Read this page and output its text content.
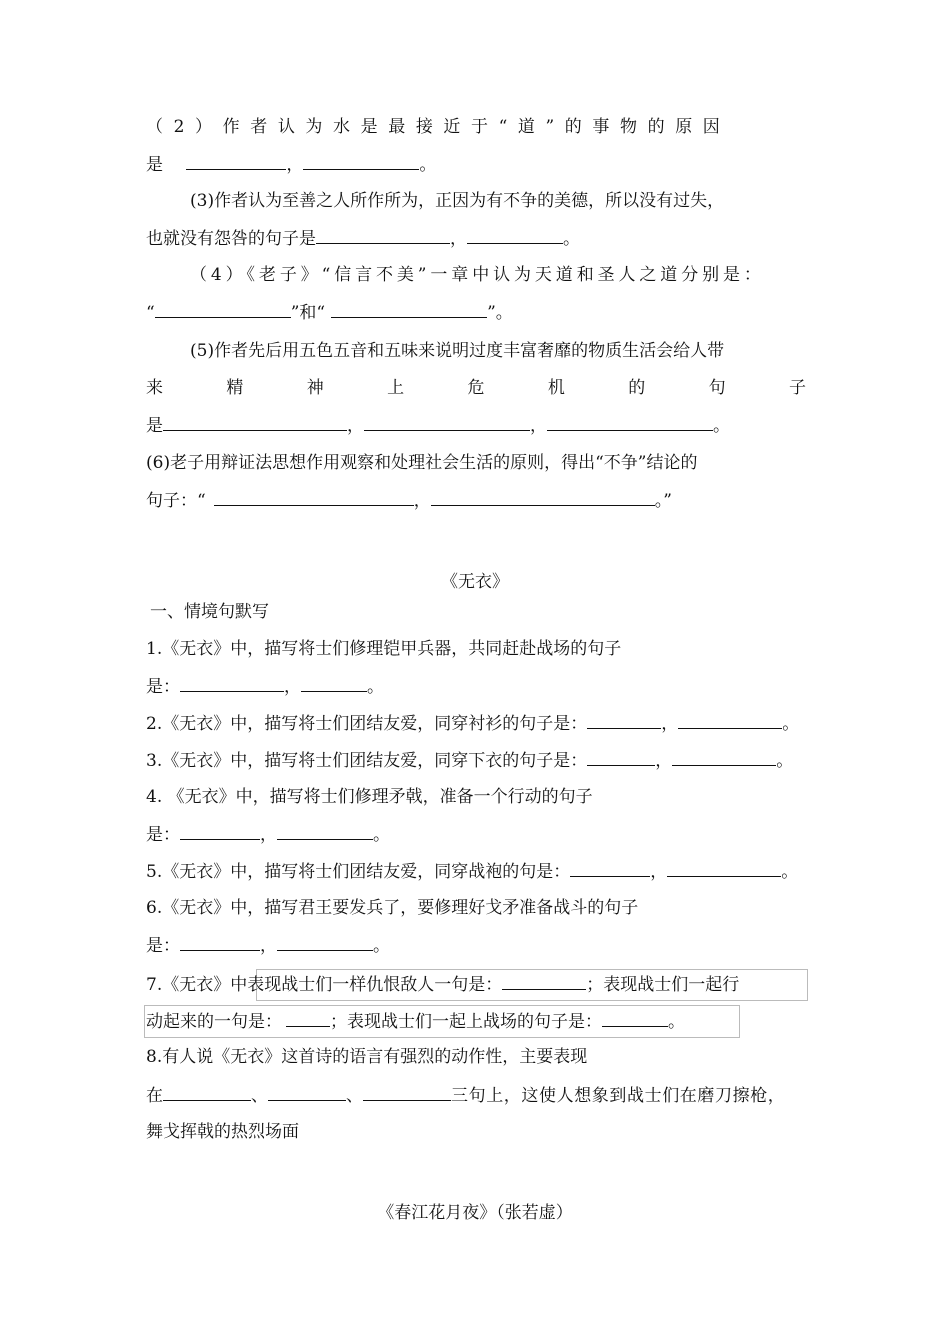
（2）作者认为水是最接近于“道”的事物的原因
是	，	。
(3)作者认为至善之人所作所为，正因为有不争的美德，所以没有过失，
也就没有怨咎的句子是	，	。
（4）《老子》“信言不美”一章中认为天道和圣人之道分别是：
“	”和“	”。
(5)作者先后用五色五音和五味来说明过度丰富奢靡的物质生活会给人带
来	精	神	上	危	机	的	句	子
是	，	，	。
(6)老子用辩证法思想作用观察和处理社会生活的原则，得出“不争”结论的
句子：“	，	。”
《无衣》
一、情境句默写
1.《无衣》中，描写将士们修理铠甲兵器，共同赶赴战场的句子
是：	，	。
2.《无衣》中，描写将士们团结友爱，同穿衬衫的句子是：	，	。
3.《无衣》中，描写将士们团结友爱，同穿下衣的句子是：	，	。
4. 《无衣》中，描写将士们修理矛戟，准备一个行动的句子
是：	，	。
5.《无衣》中，描写将士们团结友爱，同穿战袍的句是：	，	。
6.《无衣》中，描写君王要发兵了，要修理好戈矛准备战斗的句子
是：	，	。
7.《无衣》中表现战士们一样仇恨敌人一句是：	；表现战士们一起行
动起来的一句是：	；表现战士们一起上战场的句子是：	。
8.有人说《无衣》这首诗的语言有强烈的动作性，主要表现
在	、	、	三句上，这使人想象到战士们在磨刀擦枪，
舞戈挥戟的热烈场面
《春江花月夜》（张若虚）
